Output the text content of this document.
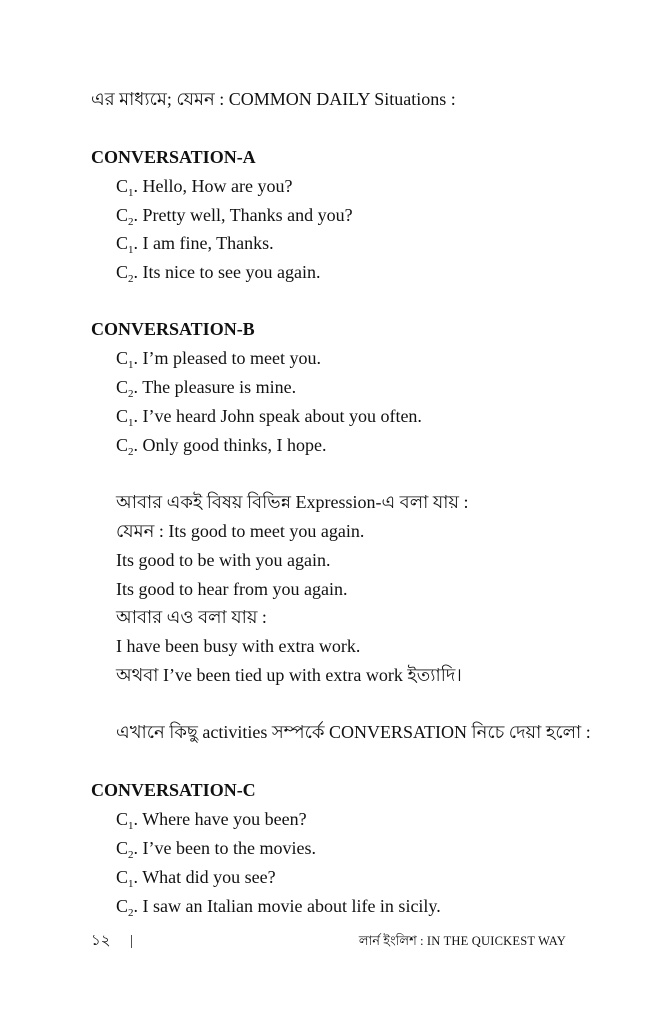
এর মাধ্যমে; যেমন : COMMON DAILY Situations :
CONVERSATION-A
$C_1$. Hello, How are you?
$C_2$. Pretty well, Thanks and you?
$C_1$. I am fine, Thanks.
$C_2$. Its nice to see you again.
CONVERSATION-B
$C_1$. I’m pleased to meet you.
$C_2$. The pleasure is mine.
$C_1$. I’ve heard John speak about you often.
$C_2$. Only good thinks, I hope.
আবার একই বিষয় বিভিন্ন Expression-এ বলা যায় :
যেমন : Its good to meet you again.
Its good to be with you again.
Its good to hear from you again.
আবার এও বলা যায় :
I have been busy with extra work.
অথবা I’ve been tied up with extra work ইত্যাদি।
এখানে কিছু activities সম্পর্কে CONVERSATION নিচে দেয়া হলো :
CONVERSATION-C
$C_1$. Where have you been?
$C_2$. I’ve been to the movies.
$C_1$. What did you see?
$C_2$. I saw an Italian movie about life in sicily.
১২ |	লার্ন ইংলিশ : IN THE QUICKEST WAY
